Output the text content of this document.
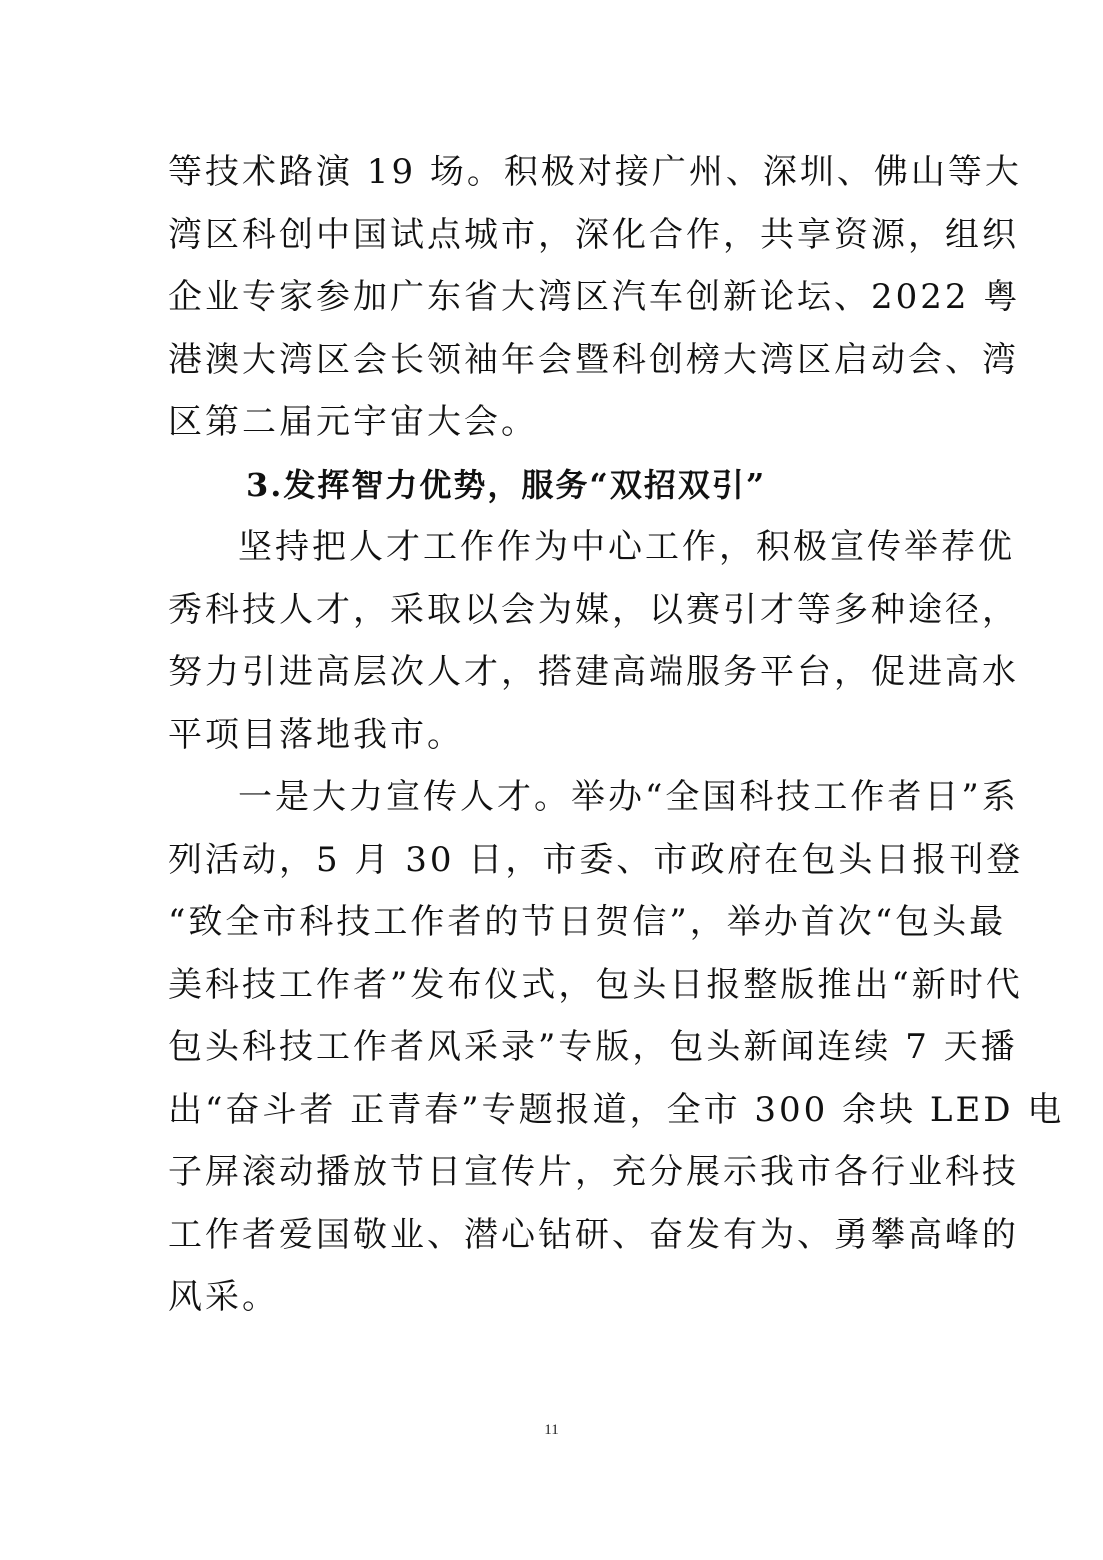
等技术路演 19 场。积极对接广州、深圳、佛山等大
湾区科创中国试点城市，深化合作，共享资源，组织
企业专家参加广东省大湾区汽车创新论坛、2022 粤
港澳大湾区会长领袖年会暨科创榜大湾区启动会、湾
区第二届元宇宙大会。
3.发挥智力优势，服务“双招双引”
坚持把人才工作作为中心工作，积极宣传举荐优
秀科技人才，采取以会为媒，以赛引才等多种途径，
努力引进高层次人才，搭建高端服务平台，促进高水
平项目落地我市。
一是大力宣传人才。举办“全国科技工作者日”系
列活动，5 月 30 日，市委、市政府在包头日报刊登
“致全市科技工作者的节日贺信”，举办首次“包头最
美科技工作者”发布仪式，包头日报整版推出“新时代
包头科技工作者风采录”专版，包头新闻连续 7 天播
出“奋斗者 正青春”专题报道，全市 300 余块 LED 电
子屏滚动播放节日宣传片，充分展示我市各行业科技
工作者爱国敬业、潜心钻研、奋发有为、勇攀高峰的
风采。
11
